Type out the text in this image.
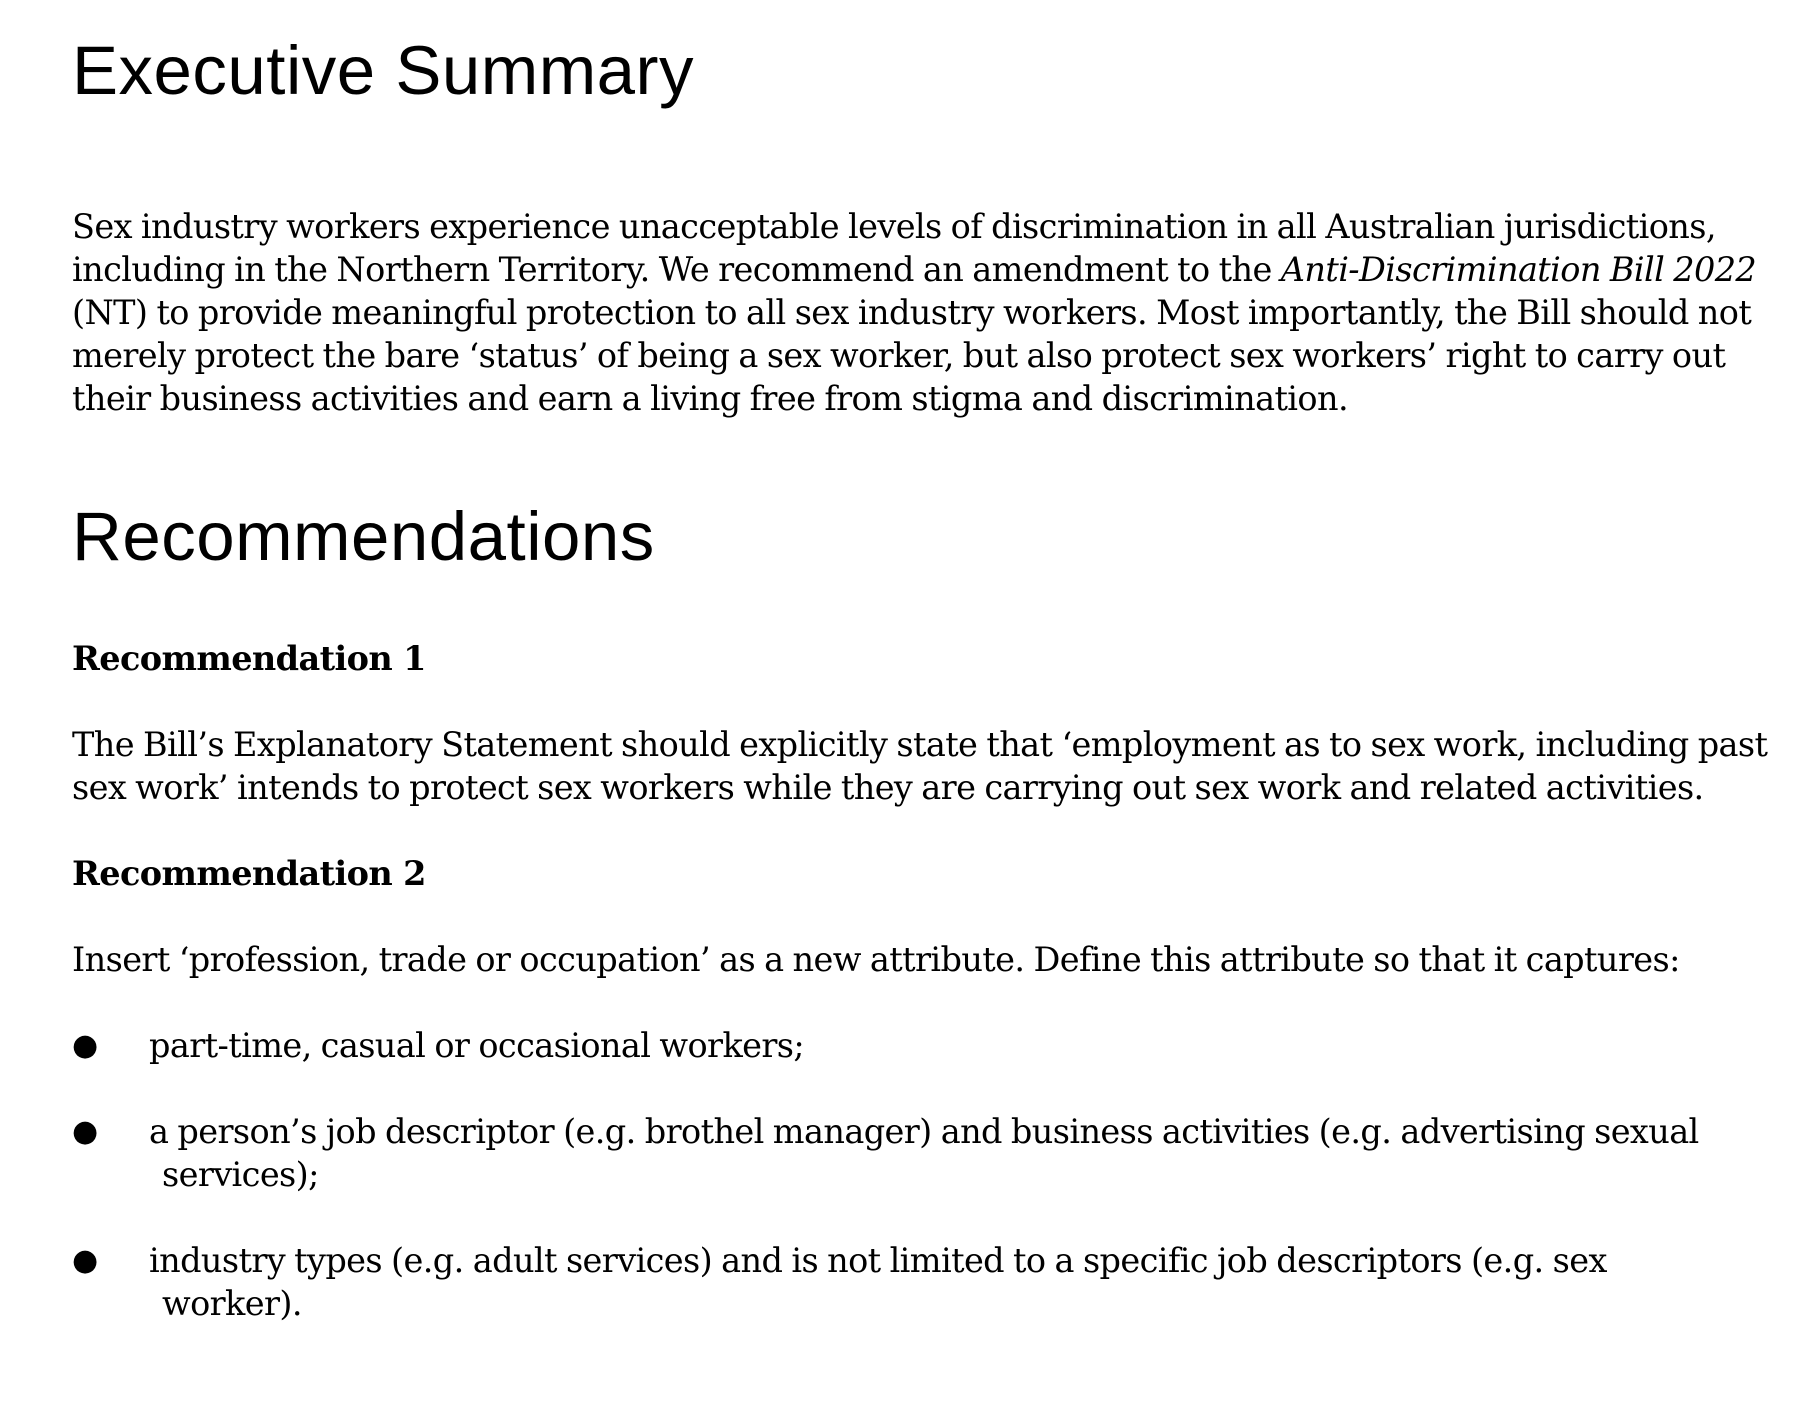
Executive Summary

Sex industry workers experience unacceptable levels of discrimination in all Australian jurisdictions, including in the Northern Territory. We recommend an amendment to the Anti-Discrimination Bill 2022 (NT) to provide meaningful protection to all sex industry workers. Most importantly, the Bill should not merely protect the bare ‘status’ of being a sex worker, but also protect sex workers’ right to carry out their business activities and earn a living free from stigma and discrimination.

Recommendations
Recommendation 1

The Bill’s Explanatory Statement should explicitly state that ‘employment as to sex work, including past sex work’ intends to protect sex workers while they are carrying out sex work and related activities.

Recommendation 2

Insert ‘profession, trade or occupation’ as a new attribute. Define this attribute so that it captures:

● part-time, casual or occasional workers;
● a person’s job descriptor (e.g. brothel manager) and business activities (e.g. advertising sexual
services);
● industry types (e.g. adult services) and is not limited to a specific job descriptors (e.g. sex
worker).
